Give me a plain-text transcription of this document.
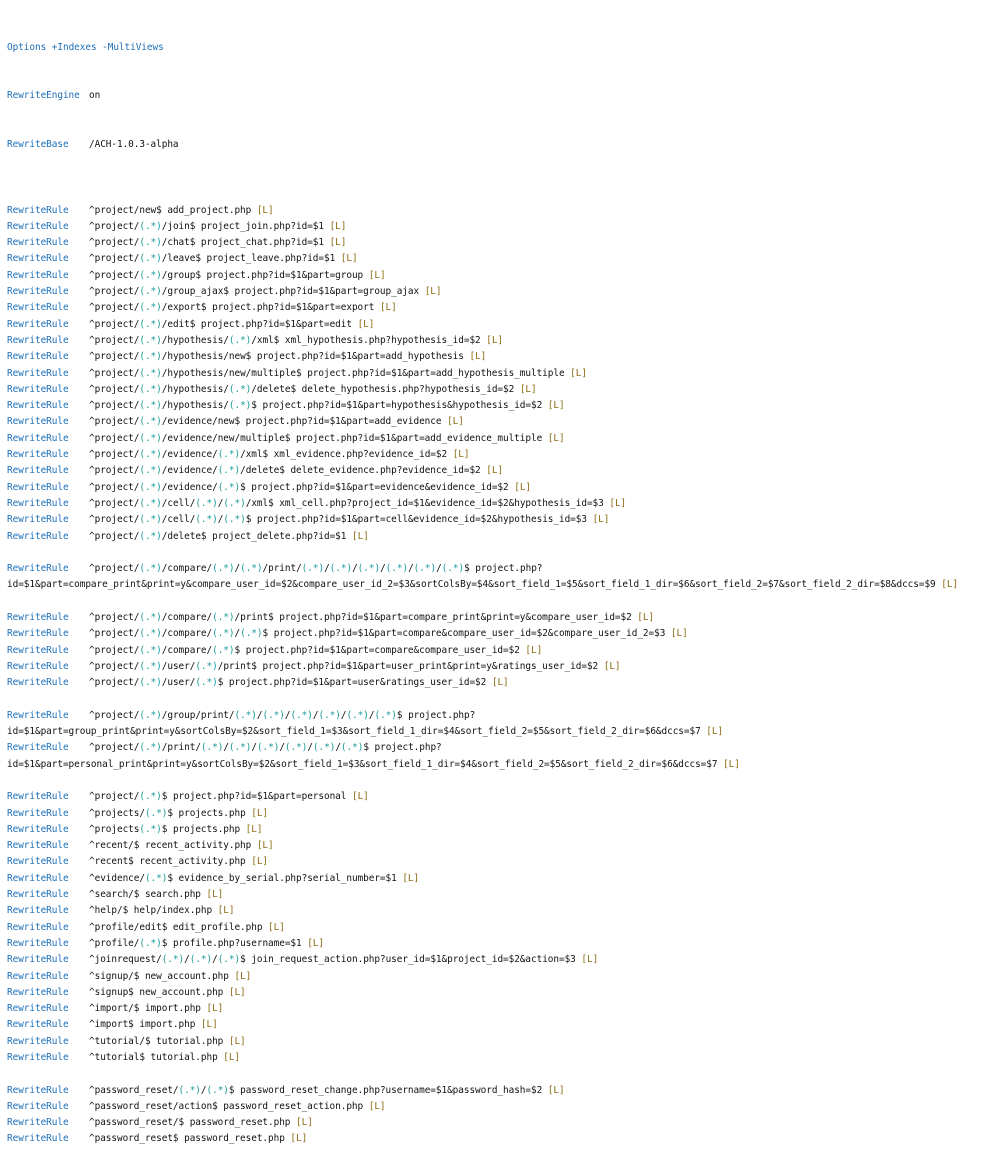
Options +Indexes -MultiViews

RewriteEngine on

RewriteBase /ACH-1.0.3-alpha

RewriteRule ^project/new$ add_project.php [L]
RewriteRule ^project/(.*)/join$ project_join.php?id=$1 [L]
RewriteRule ^project/(.*)/chat$ project_chat.php?id=$1 [L]
RewriteRule ^project/(.*)/leave$ project_leave.php?id=$1 [L]
RewriteRule ^project/(.*)/group$ project.php?id=$1&part=group [L]
RewriteRule ^project/(.*)/group_ajax$ project.php?id=$1&part=group_ajax [L]
RewriteRule ^project/(.*)/export$ project.php?id=$1&part=export [L]
RewriteRule ^project/(.*)/edit$ project.php?id=$1&part=edit [L]
RewriteRule ^project/(.*)/hypothesis/(.*)/xml$ xml_hypothesis.php?hypothesis_id=$2 [L]
RewriteRule ^project/(.*)/hypothesis/new$ project.php?id=$1&part=add_hypothesis [L]
RewriteRule ^project/(.*)/hypothesis/new/multiple$ project.php?id=$1&part=add_hypothesis_multiple [L]
RewriteRule ^project/(.*)/hypothesis/(.*)/delete$ delete_hypothesis.php?hypothesis_id=$2 [L]
RewriteRule ^project/(.*)/hypothesis/(.*)$ project.php?id=$1&part=hypothesis&hypothesis_id=$2 [L]
RewriteRule ^project/(.*)/evidence/new$ project.php?id=$1&part=add_evidence [L]
RewriteRule ^project/(.*)/evidence/new/multiple$ project.php?id=$1&part=add_evidence_multiple [L]
RewriteRule ^project/(.*)/evidence/(.*)/xml$ xml_evidence.php?evidence_id=$2 [L]
RewriteRule ^project/(.*)/evidence/(.*)/delete$ delete_evidence.php?evidence_id=$2 [L]
RewriteRule ^project/(.*)/evidence/(.*)$ project.php?id=$1&part=evidence&evidence_id=$2 [L]
RewriteRule ^project/(.*)/cell/(.*)/(.*)/xml$ xml_cell.php?project_id=$1&evidence_id=$2&hypothesis_id=$3 [L]
RewriteRule ^project/(.*)/cell/(.*)/(.*)$ project.php?id=$1&part=cell&evidence_id=$2&hypothesis_id=$3 [L]
RewriteRule ^project/(.*)/delete$ project_delete.php?id=$1 [L]

RewriteRule ^project/(.*)/compare/(.*)/(.*)/print/(.*)/(.*)/(.*)/(.*)/(.*)/(.*)$ project.php?
id=$1&part=compare_print&print=y&compare_user_id=$2&compare_user_id_2=$3&sortColsBy=$4&sort_field_1=$5&sort_field_1_dir=$6&sort_field_2=$7&sort_field_2_dir=$8&dccs=$9 [L]

RewriteRule ^project/(.*)/compare/(.*)/print$ project.php?id=$1&part=compare_print&print=y&compare_user_id=$2 [L]
RewriteRule ^project/(.*)/compare/(.*)/(.*)$ project.php?id=$1&part=compare&compare_user_id=$2&compare_user_id_2=$3 [L]
RewriteRule ^project/(.*)/compare/(.*)$ project.php?id=$1&part=compare&compare_user_id=$2 [L]
RewriteRule ^project/(.*)/user/(.*)/print$ project.php?id=$1&part=user_print&print=y&ratings_user_id=$2 [L]
RewriteRule ^project/(.*)/user/(.*)$ project.php?id=$1&part=user&ratings_user_id=$2 [L]

RewriteRule ^project/(.*)/group/print/(.*)/(.*)/(.*)/(.*)/(.*)/(.*)$ project.php?
id=$1&part=group_print&print=y&sortColsBy=$2&sort_field_1=$3&sort_field_1_dir=$4&sort_field_2=$5&sort_field_2_dir=$6&dccs=$7 [L]
RewriteRule ^project/(.*)/print/(.*)/(.*)/(.*)/(.*)/(.*)/(.*)$ project.php?
id=$1&part=personal_print&print=y&sortColsBy=$2&sort_field_1=$3&sort_field_1_dir=$4&sort_field_2=$5&sort_field_2_dir=$6&dccs=$7 [L]

RewriteRule ^project/(.*)$ project.php?id=$1&part=personal [L]
RewriteRule ^projects/(.*)$ projects.php [L]
RewriteRule ^projects(.*)$ projects.php [L]
RewriteRule ^recent/$ recent_activity.php [L]
RewriteRule ^recent$ recent_activity.php [L]
RewriteRule ^evidence/(.*)$ evidence_by_serial.php?serial_number=$1 [L]
RewriteRule ^search/$ search.php [L]
RewriteRule ^help/$ help/index.php [L]
RewriteRule ^profile/edit$ edit_profile.php [L]
RewriteRule ^profile/(.*)$ profile.php?username=$1 [L]
RewriteRule ^joinrequest/(.*)/(.*)/(.*)$ join_request_action.php?user_id=$1&project_id=$2&action=$3 [L]
RewriteRule ^signup/$ new_account.php [L]
RewriteRule ^signup$ new_account.php [L]
RewriteRule ^import/$ import.php [L]
RewriteRule ^import$ import.php [L]
RewriteRule ^tutorial/$ tutorial.php [L]
RewriteRule ^tutorial$ tutorial.php [L]

RewriteRule ^password_reset/(.*)/(.*)$ password_reset_change.php?username=$1&password_hash=$2 [L]
RewriteRule ^password_reset/action$ password_reset_action.php [L]
RewriteRule ^password_reset/$ password_reset.php [L]
RewriteRule ^password_reset$ password_reset.php [L]
